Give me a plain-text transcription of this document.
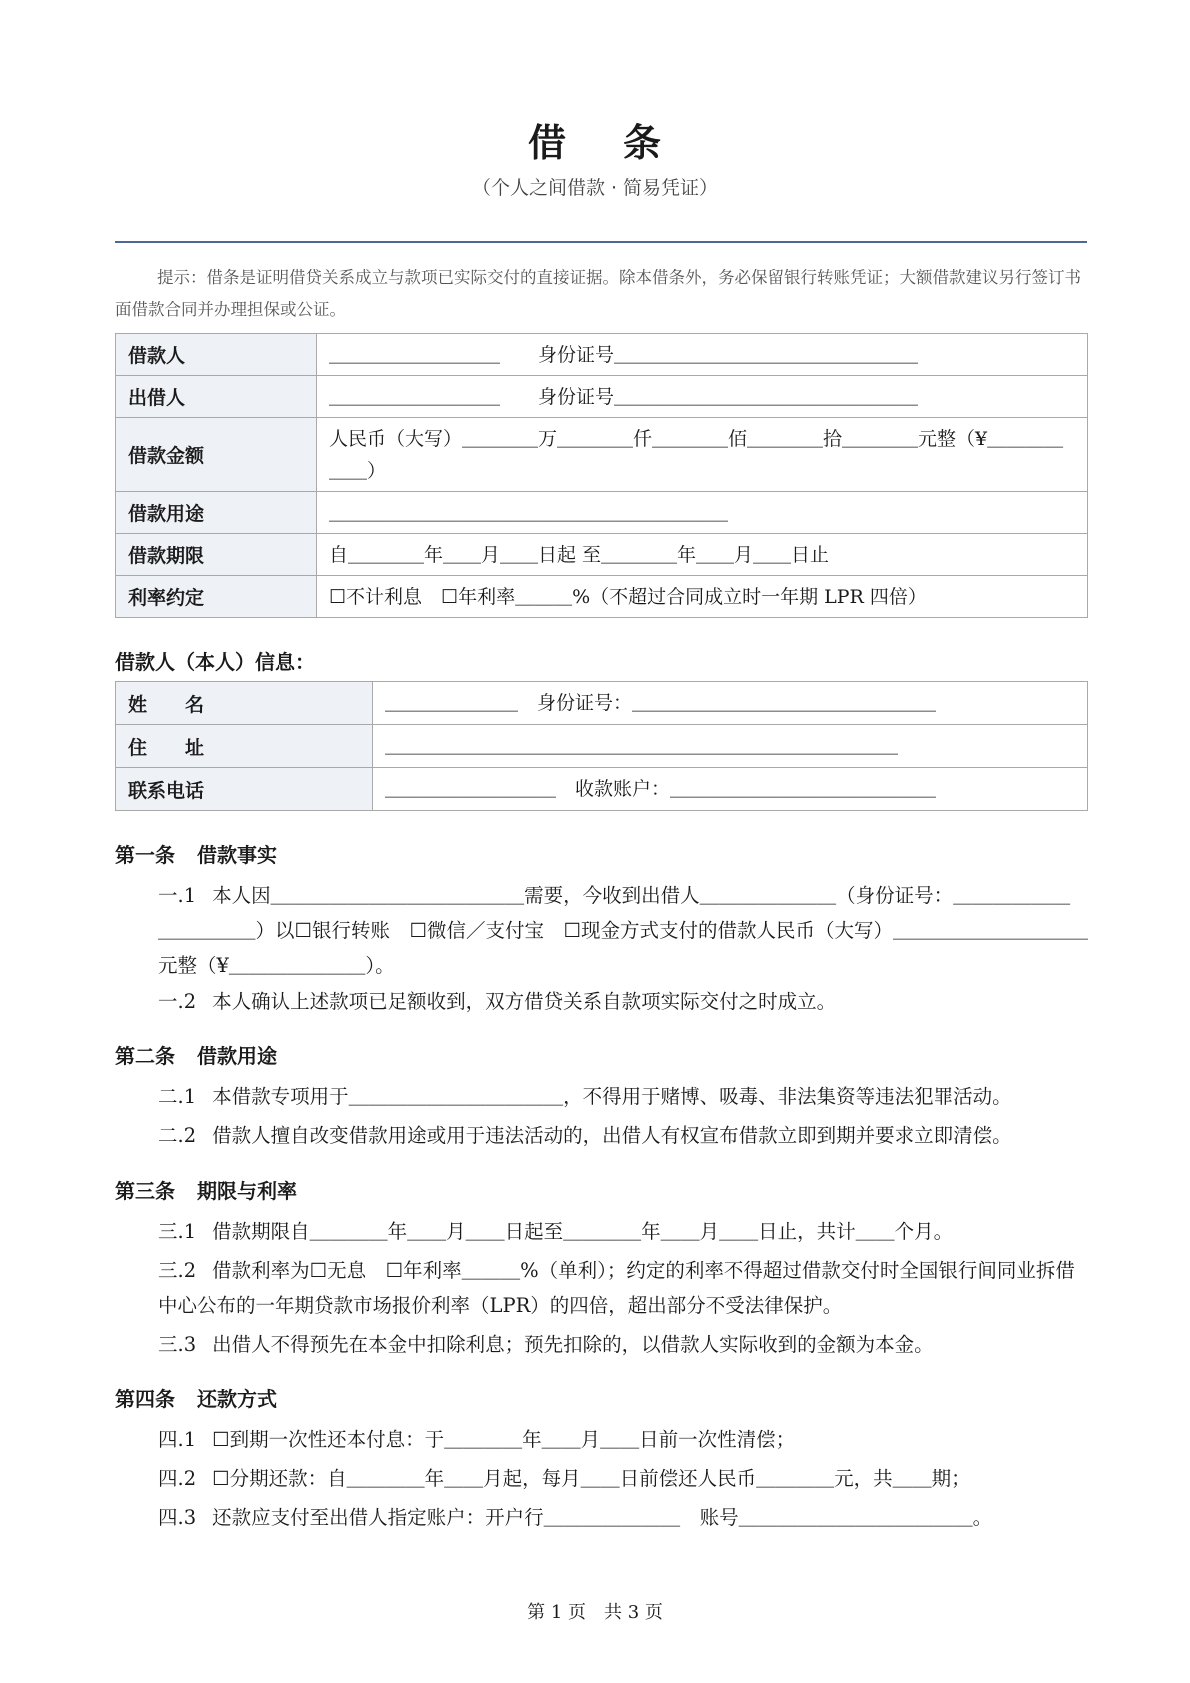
借 条
（个人之间借款 · 简易凭证）

提示：借条是证明借贷关系成立与款项已实际交付的直接证据。除本借条外，务必保留银行转账凭证；大额借款建议另行签订书面借款合同并办理担保或公证。

借款人	＿＿＿＿＿＿＿＿＿　　身份证号＿＿＿＿＿＿＿＿＿＿＿＿＿＿＿＿
出借人	＿＿＿＿＿＿＿＿＿　　身份证号＿＿＿＿＿＿＿＿＿＿＿＿＿＿＿＿
借款金额	人民币（大写）＿＿＿＿万＿＿＿＿仟＿＿＿＿佰＿＿＿＿拾＿＿＿＿元整（¥＿＿＿＿＿＿）
借款用途	＿＿＿＿＿＿＿＿＿＿＿＿＿＿＿＿＿＿＿＿＿
借款期限	自＿＿＿＿年＿＿月＿＿日起 至＿＿＿＿年＿＿月＿＿日止
利率约定	☐不计利息　☐年利率＿＿＿%（不超过合同成立时一年期 LPR 四倍）
借款人（本人）信息：
姓　　名	＿＿＿＿＿＿＿　身份证号：＿＿＿＿＿＿＿＿＿＿＿＿＿＿＿＿
住　　址	＿＿＿＿＿＿＿＿＿＿＿＿＿＿＿＿＿＿＿＿＿＿＿＿＿＿＿
联系电话	＿＿＿＿＿＿＿＿＿　收款账户：＿＿＿＿＿＿＿＿＿＿＿＿＿＿
第一条 借款事实

一.1 本人因＿＿＿＿＿＿＿＿＿＿＿＿＿需要，今收到出借人＿＿＿＿＿＿＿（身份证号：＿＿＿＿＿＿＿＿＿＿＿）以☐银行转账　☐微信／支付宝　☐现金方式支付的借款人民币（大写）＿＿＿＿＿＿＿＿＿＿元整（¥＿＿＿＿＿＿＿）。

一.2 本人确认上述款项已足额收到，双方借贷关系自款项实际交付之时成立。

第二条 借款用途

二.1 本借款专项用于＿＿＿＿＿＿＿＿＿＿＿，不得用于赌博、吸毒、非法集资等违法犯罪活动。

二.2 借款人擅自改变借款用途或用于违法活动的，出借人有权宣布借款立即到期并要求立即清偿。

第三条 期限与利率

三.1 借款期限自＿＿＿＿年＿＿月＿＿日起至＿＿＿＿年＿＿月＿＿日止，共计＿＿个月。

三.2 借款利率为☐无息　☐年利率＿＿＿%（单利）；约定的利率不得超过借款交付时全国银行间同业拆借中心公布的一年期贷款市场报价利率（LPR）的四倍，超出部分不受法律保护。

三.3 出借人不得预先在本金中扣除利息；预先扣除的，以借款人实际收到的金额为本金。

第四条 还款方式

四.1 ☐到期一次性还本付息：于＿＿＿＿年＿＿月＿＿日前一次性清偿；

四.2 ☐分期还款：自＿＿＿＿年＿＿月起，每月＿＿日前偿还人民币＿＿＿＿元，共＿＿期；

四.3 还款应支付至出借人指定账户：开户行＿＿＿＿＿＿＿　账号＿＿＿＿＿＿＿＿＿＿＿＿。

第 1 页 共 3 页
